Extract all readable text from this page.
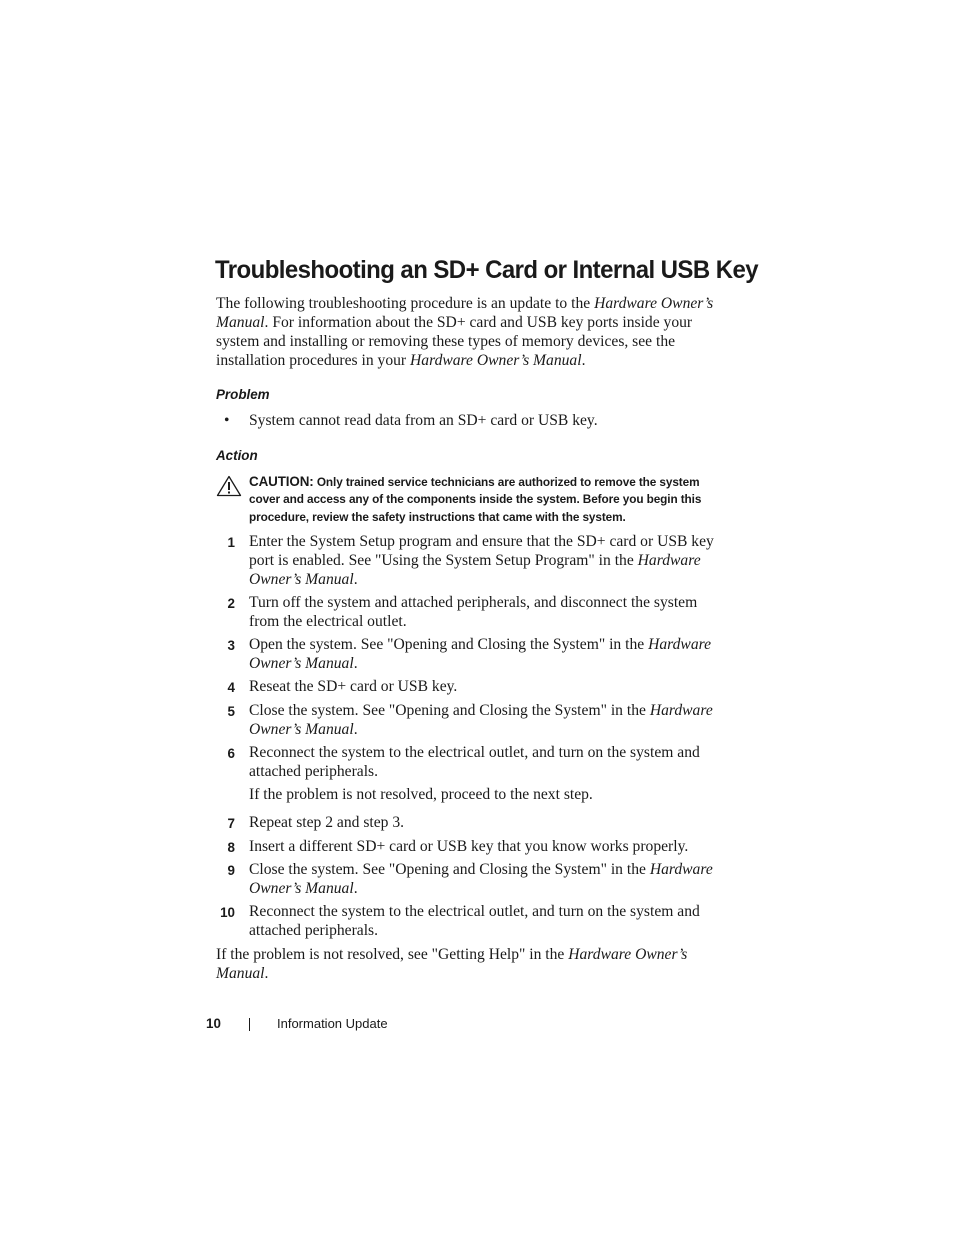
Troubleshooting an SD+ Card or Internal USB Key

The following troubleshooting procedure is an update to the Hardware Owner’s Manual. For information about the SD+ card and USB key ports inside your system and installing or removing these types of memory devices, see the installation procedures in your Hardware Owner’s Manual.

Problem
• System cannot read data from an SD+ card or USB key.
Action
CAUTION: Only trained service technicians are authorized to remove the system cover and access any of the components inside the system. Before you begin this procedure, review the safety instructions that came with the system.
1 Enter the System Setup program and ensure that the SD+ card or USB key port is enabled. See "Using the System Setup Program" in the Hardware Owner’s Manual.
2 Turn off the system and attached peripherals, and disconnect the system from the electrical outlet.
3 Open the system. See "Opening and Closing the System" in the Hardware Owner’s Manual.
4 Reseat the SD+ card or USB key.
5 Close the system. See "Opening and Closing the System" in the Hardware Owner’s Manual.
6 Reconnect the system to the electrical outlet, and turn on the system and attached peripherals.
If the problem is not resolved, proceed to the next step.
7 Repeat step 2 and step 3.
8 Insert a different SD+ card or USB key that you know works properly.
9 Close the system. See "Opening and Closing the System" in the Hardware Owner’s Manual.
10 Reconnect the system to the electrical outlet, and turn on the system and attached peripherals.

If the problem is not resolved, see "Getting Help" in the Hardware Owner’s Manual.

10	Information Update
